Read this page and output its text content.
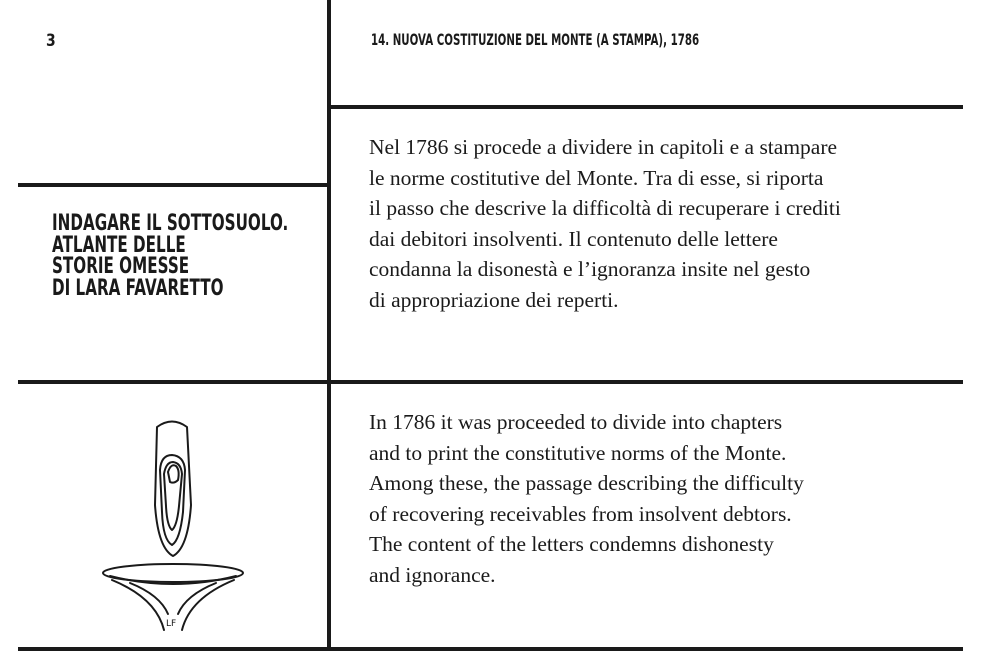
3	14. NUOVA COSTITUZIONE DEL MONTE (A STAMPA), 1786
INDAGARE IL SOTTOSUOLO.
ATLANTE DELLE
STORIE OMESSE
DI LARA FAVARETTO
Nel 1786 si procede a dividere in capitoli e a stampare
le norme costitutive del Monte. Tra di esse, si riporta
il passo che descrive la difficoltà di recuperare i crediti
dai debitori insolventi. Il contenuto delle lettere
condanna la disonestà e l’ignoranza insite nel gesto
di appropriazione dei reperti.
In 1786 it was proceeded to divide into chapters
and to print the constitutive norms of the Monte.
Among these, the passage describing the difficulty
of recovering receivables from insolvent debtors.
The content of the letters condemns dishonesty
and ignorance.
LF
